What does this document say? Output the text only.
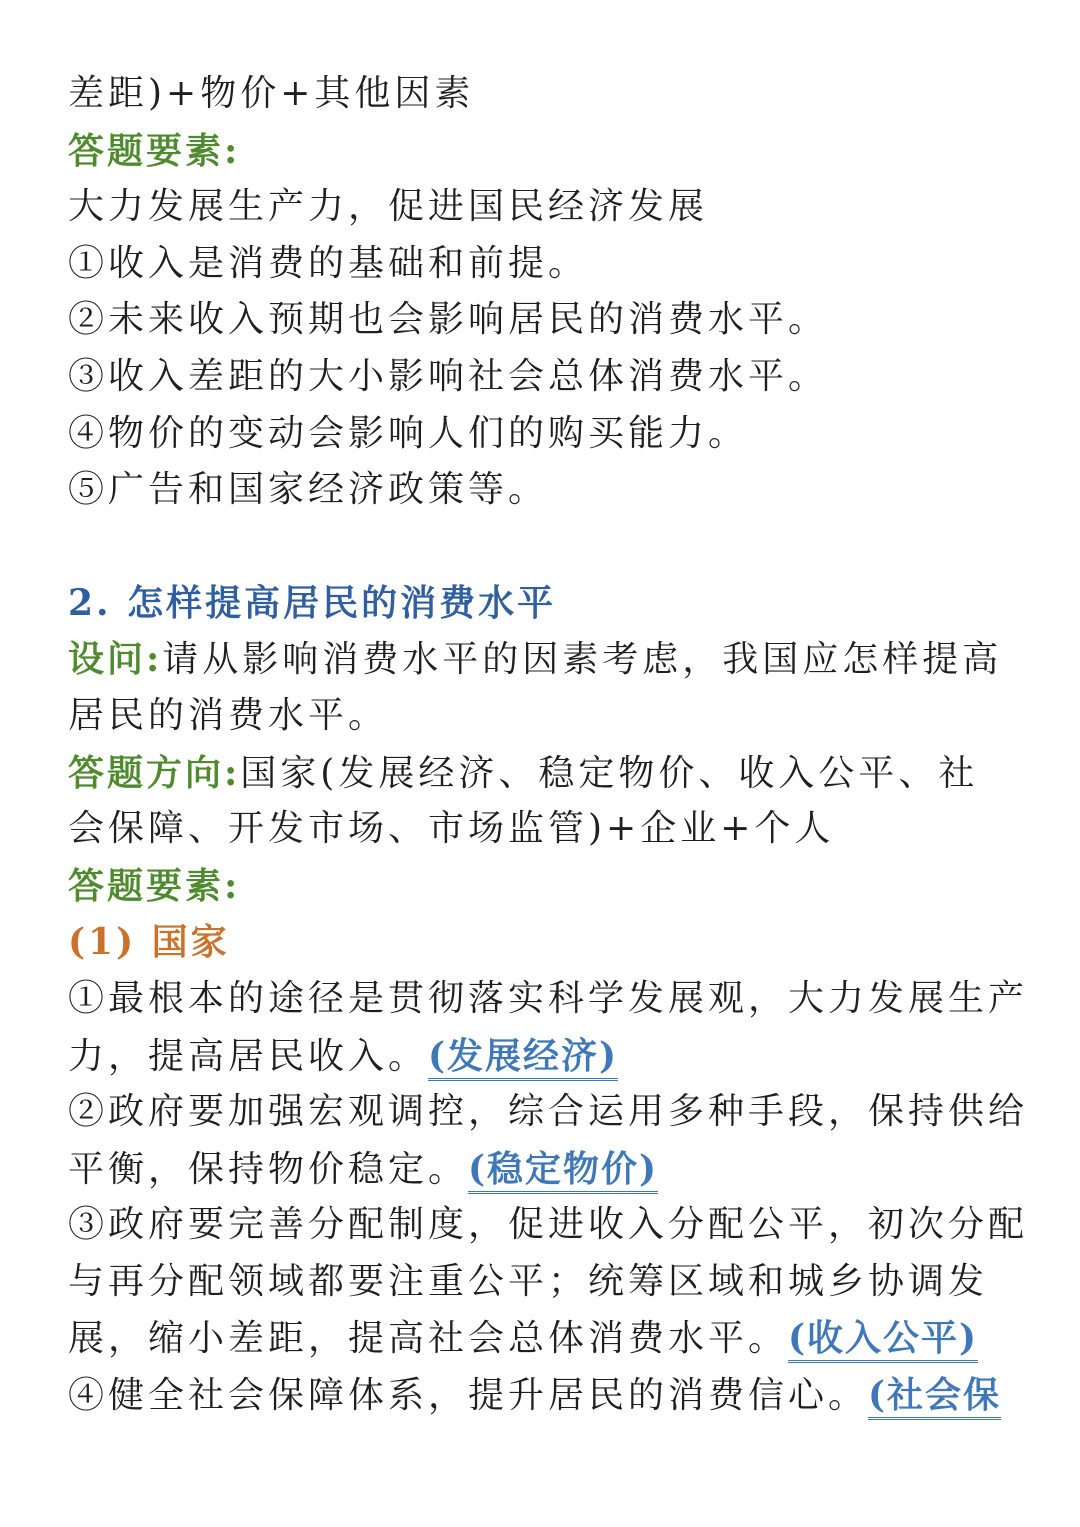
差距)+物价+其他因素
答题要素:
大力发展生产力，促进国民经济发展
①收入是消费的基础和前提。
②未来收入预期也会影响居民的消费水平。
③收入差距的大小影响社会总体消费水平。
④物价的变动会影响人们的购买能力。
⑤广告和国家经济政策等。
2. 怎样提高居民的消费水平
设问:请从影响消费水平的因素考虑，我国应怎样提高
居民的消费水平。
答题方向:国家(发展经济、稳定物价、收入公平、社
会保障、开发市场、市场监管)+企业+个人
答题要素:
(1) 国家
①最根本的途径是贯彻落实科学发展观，大力发展生产
力，提高居民收入。(发展经济)
②政府要加强宏观调控，综合运用多种手段，保持供给
平衡，保持物价稳定。(稳定物价)
③政府要完善分配制度，促进收入分配公平，初次分配
与再分配领域都要注重公平；统筹区域和城乡协调发
展，缩小差距，提高社会总体消费水平。(收入公平)
④健全社会保障体系，提升居民的消费信心。(社会保
